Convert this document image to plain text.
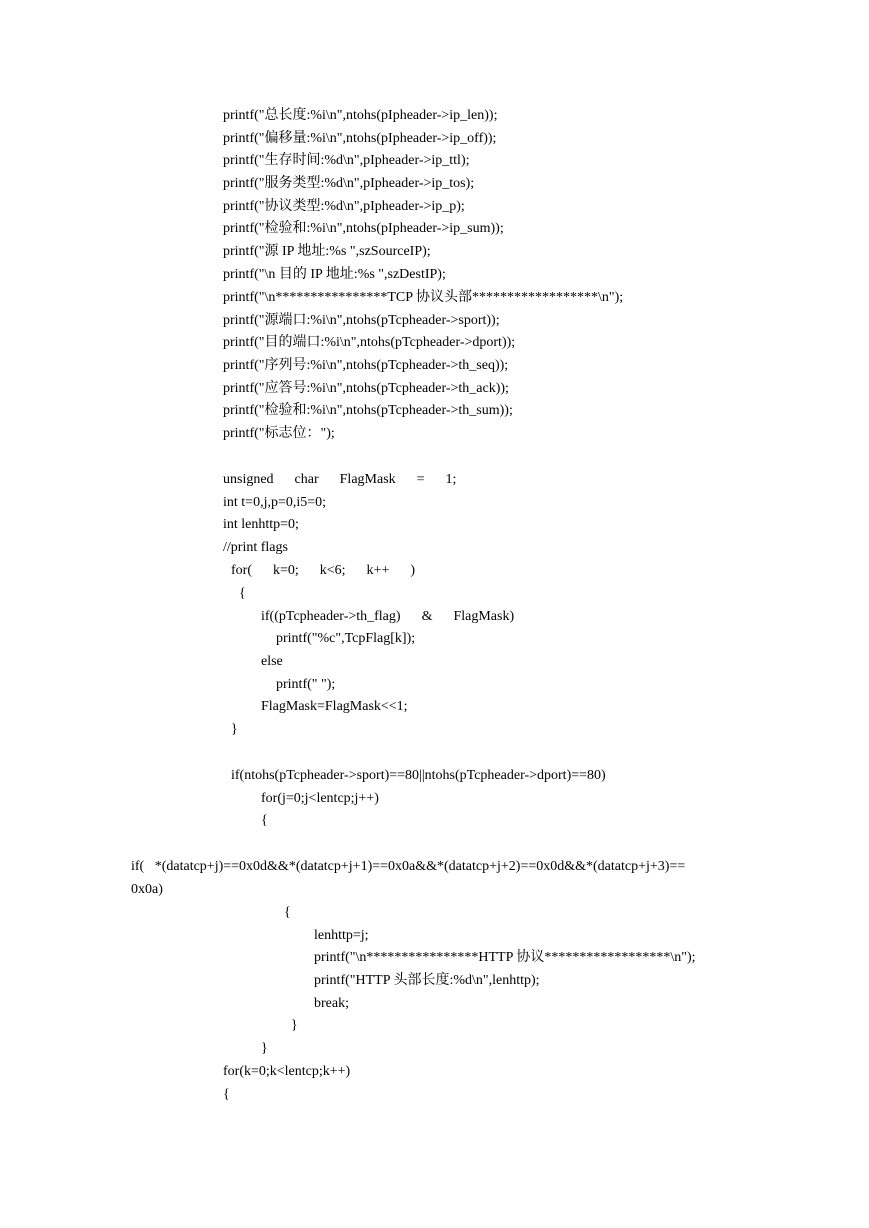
printf("总长度:%i\n",ntohs(pIpheader->ip_len));
printf("偏移量:%i\n",ntohs(pIpheader->ip_off));
printf("生存时间:%d\n",pIpheader->ip_ttl);
printf("服务类型:%d\n",pIpheader->ip_tos);
printf("协议类型:%d\n",pIpheader->ip_p);
printf("检验和:%i\n",ntohs(pIpheader->ip_sum));
printf("源 IP 地址:%s ",szSourceIP);
printf("\n 目的 IP 地址:%s ",szDestIP);
printf("\n****************TCP 协议头部******************\n");
printf("源端口:%i\n",ntohs(pTcpheader->sport));
printf("目的端口:%i\n",ntohs(pTcpheader->dport));
printf("序列号:%i\n",ntohs(pTcpheader->th_seq));
printf("应答号:%i\n",ntohs(pTcpheader->th_ack));
printf("检验和:%i\n",ntohs(pTcpheader->th_sum));
printf("标志位：");
unsigned      char      FlagMask      =      1;
int t=0,j,p=0,i5=0;
int lenhttp=0;
//print flags
for(      k=0;      k<6;      k++      )
{
if((pTcpheader->th_flag)      &      FlagMask)
printf("%c",TcpFlag[k]);
else
printf(" ");
FlagMask=FlagMask<<1;
}
if(ntohs(pTcpheader->sport)==80||ntohs(pTcpheader->dport)==80)
for(j=0;j<lentcp;j++)
{
if(   *(datatcp+j)==0x0d&&*(datatcp+j+1)==0x0a&&*(datatcp+j+2)==0x0d&&*(datatcp+j+3)==
0x0a)
{
lenhttp=j;
printf("\n****************HTTP 协议******************\n");
printf("HTTP 头部长度:%d\n",lenhttp);
break;
}
}
for(k=0;k<lentcp;k++)
{
